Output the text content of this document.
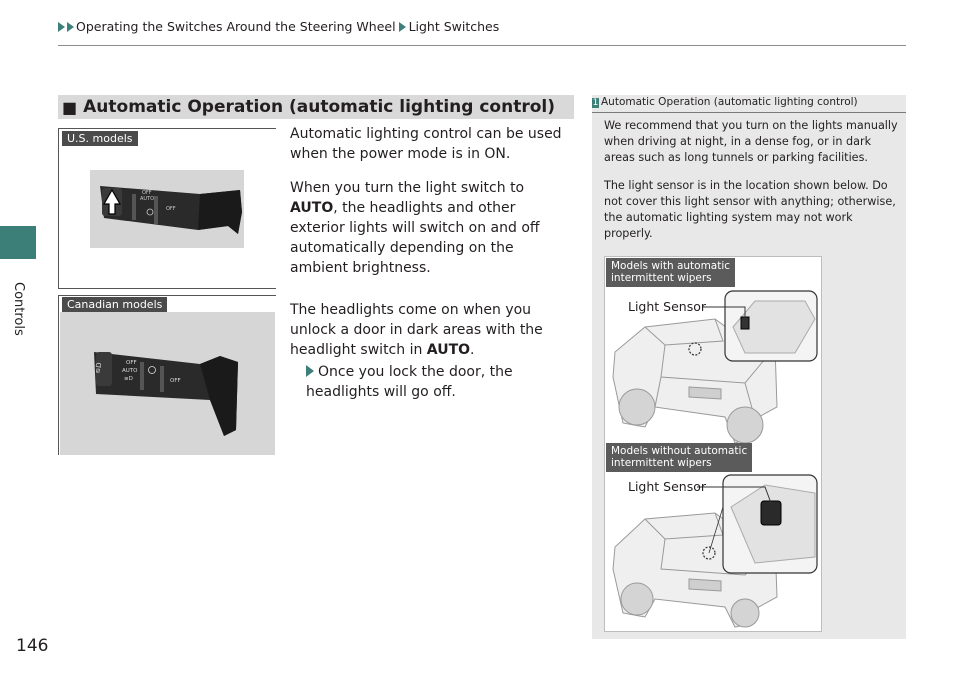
Operating the Switches Around the Steering Wheel Light Switches
Controls
146
■ Automatic Operation (automatic lighting control)
U.S. models
OFF
AUTO
OFF
Canadian models
≡D	OFF
AUTO
≡D	OFF

Automatic lighting control can be used when the power mode is in ON.

When you turn the light switch to AUTO, the headlights and other exterior lights will switch on and off automatically depending on the ambient brightness.

The headlights come on when you unlock a door in dark areas with the headlight switch in AUTO.

Once you lock the door, the headlights will go off.

1 Automatic Operation (automatic lighting control)

We recommend that you turn on the lights manually when driving at night, in a dense fog, or in dark areas such as long tunnels or parking facilities.

The light sensor is in the location shown below. Do not cover this light sensor with anything; otherwise, the automatic lighting system may not work properly.

Models with automatic
intermittent wipers
Light Sensor
Models without automatic
intermittent wipers
Light Sensor
